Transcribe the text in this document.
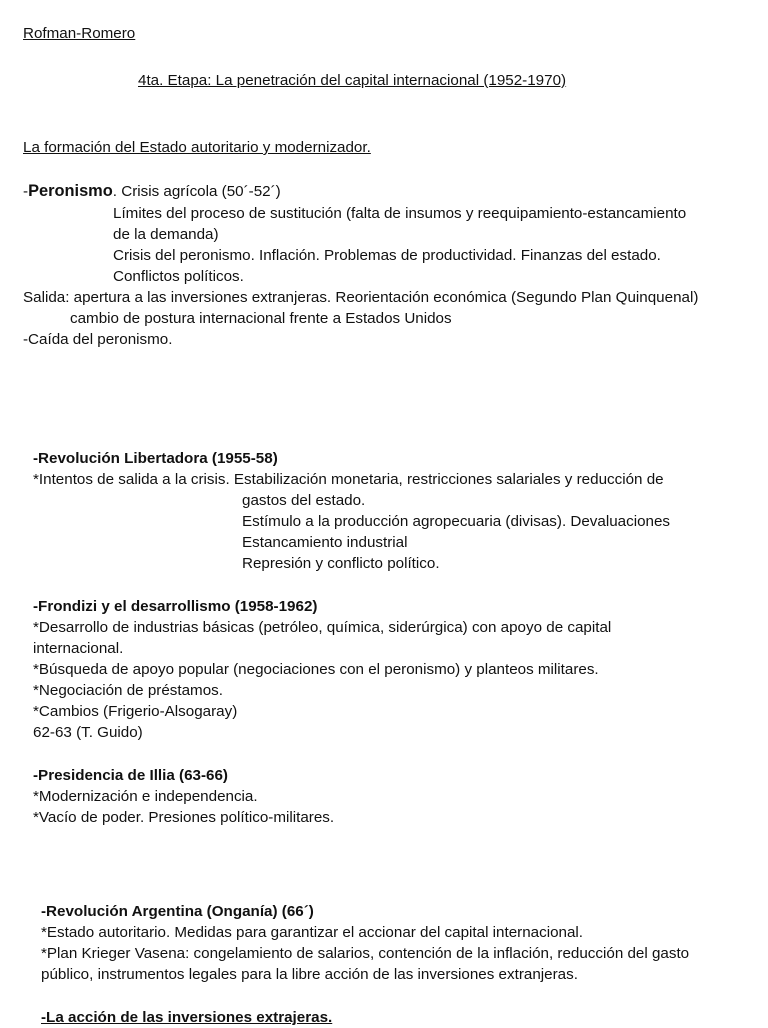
Rofman-Romero
4ta. Etapa: La penetración del capital internacional (1952-1970)
La formación del Estado autoritario y modernizador.
-Peronismo. Crisis agrícola (50´-52´)
Límites del proceso de sustitución (falta de insumos y reequipamiento-estancamiento
de la demanda)
Crisis del peronismo. Inflación. Problemas de productividad. Finanzas del estado.
Conflictos políticos.
Salida: apertura a las inversiones extranjeras. Reorientación económica (Segundo Plan Quinquenal)
cambio de postura internacional frente a Estados Unidos
-Caída del peronismo.
-Revolución Libertadora (1955-58)
*Intentos de salida a la crisis. Estabilización monetaria, restricciones salariales y reducción de
gastos del estado.
Estímulo a la producción agropecuaria (divisas). Devaluaciones
Estancamiento industrial
Represión y conflicto político.
-Frondizi y el desarrollismo (1958-1962)
*Desarrollo de industrias básicas (petróleo, química, siderúrgica) con apoyo de capital
internacional.
*Búsqueda de apoyo popular (negociaciones con el peronismo) y planteos militares.
*Negociación de préstamos.
*Cambios (Frigerio-Alsogaray)
62-63 (T. Guido)
-Presidencia de Illia (63-66)
*Modernización e independencia.
*Vacío de poder. Presiones político-militares.
-Revolución Argentina (Onganía) (66´)
*Estado autoritario. Medidas para garantizar el accionar del capital internacional.
*Plan Krieger Vasena: congelamiento de salarios, contención de la inflación, reducción del gasto
público, instrumentos legales para la libre acción de las inversiones extranjeras.
-La acción de las inversiones extrajeras.
